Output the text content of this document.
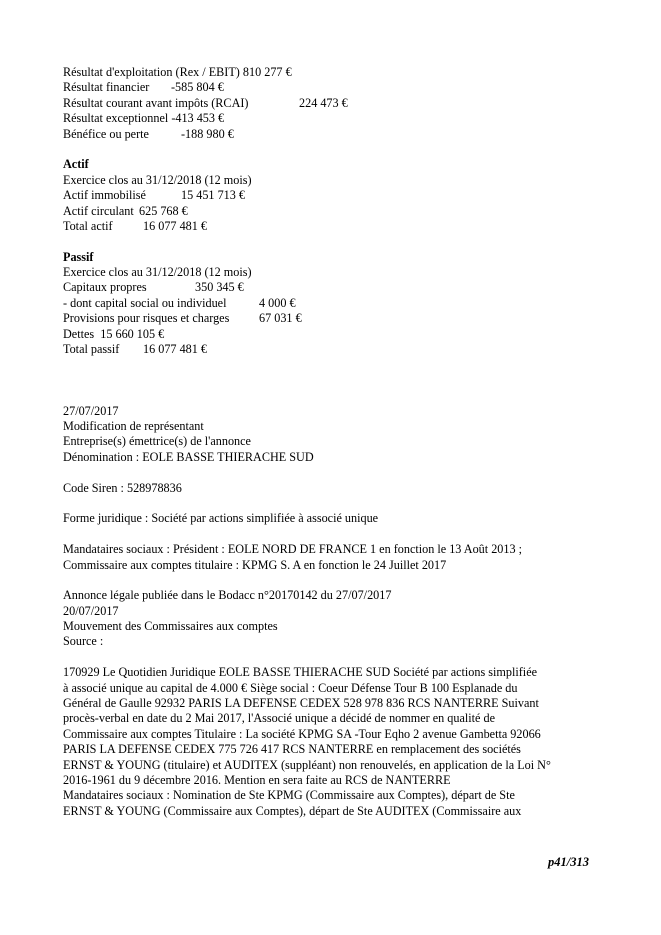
Résultat d'exploitation (Rex / EBIT) 810 277 €
Résultat financier -585 804 €
Résultat courant avant impôts (RCAI)	224 473 €
Résultat exceptionnel -413 453 €
Bénéfice ou perte	-188 980 €
Actif
Exercice clos au 31/12/2018 (12 mois)
Actif immobilisé	15 451 713 €
Actif circulant 625 768 €
Total actif 16 077 481 €
Passif
Exercice clos au 31/12/2018 (12 mois)
Capitaux propres	350 345 €
- dont capital social ou individuel	4 000 €
Provisions pour risques et charges 67 031 €
Dettes 15 660 105 €
Total passif 16 077 481 €
27/07/2017
Modification de représentant
Entreprise(s) émettrice(s) de l'annonce
Dénomination : EOLE BASSE THIERACHE SUD
Code Siren : 528978836
Forme juridique : Société par actions simplifiée à associé unique
Mandataires sociaux : Président : EOLE NORD DE FRANCE 1 en fonction le 13 Août 2013 ;
Commissaire aux comptes titulaire : KPMG S. A en fonction le 24 Juillet 2017
Annonce légale publiée dans le Bodacc n°20170142 du 27/07/2017
20/07/2017
Mouvement des Commissaires aux comptes
Source :
170929 Le Quotidien Juridique EOLE BASSE THIERACHE SUD Société par actions simplifiée
à associé unique au capital de 4.000 € Siège social : Coeur Défense Tour B 100 Esplanade du
Général de Gaulle 92932 PARIS LA DEFENSE CEDEX 528 978 836 RCS NANTERRE Suivant
procès-verbal en date du 2 Mai 2017, l'Associé unique a décidé de nommer en qualité de
Commissaire aux comptes Titulaire : La société KPMG SA -Tour Eqho 2 avenue Gambetta 92066
PARIS LA DEFENSE CEDEX 775 726 417 RCS NANTERRE en remplacement des sociétés
ERNST & YOUNG (titulaire) et AUDITEX (suppléant) non renouvelés, en application de la Loi N°
2016-1961 du 9 décembre 2016. Mention en sera faite au RCS de NANTERRE
Mandataires sociaux : Nomination de Ste KPMG (Commissaire aux Comptes), départ de Ste
ERNST & YOUNG (Commissaire aux Comptes), départ de Ste AUDITEX (Commissaire aux
p41/313
